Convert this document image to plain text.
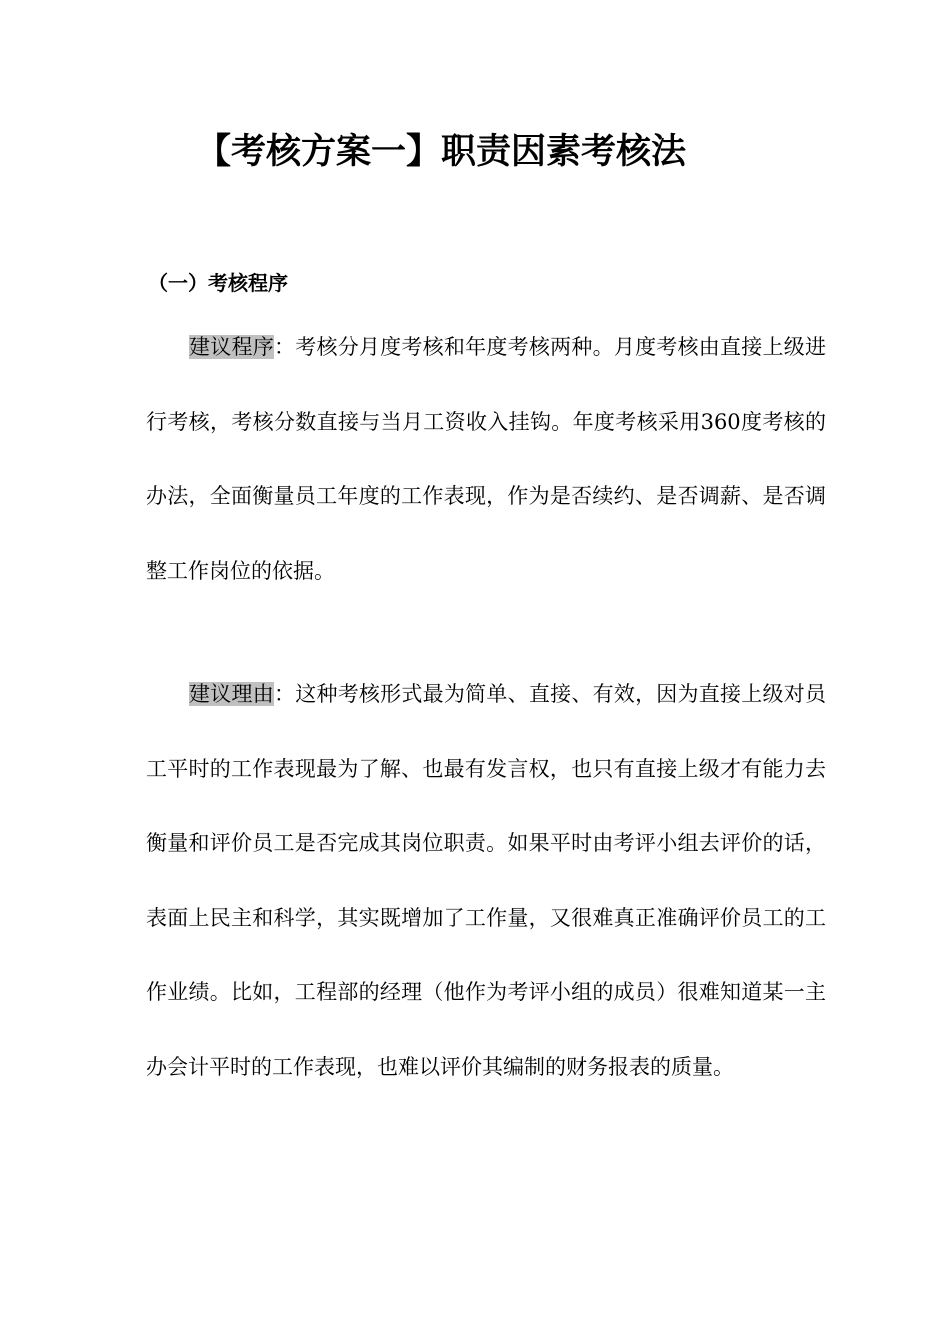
【考核方案一】职责因素考核法
（一）考核程序

建议程序：考核分月度考核和年度考核两种。月度考核由直接上级进行考核，考核分数直接与当月工资收入挂钩。年度考核采用360度考核的办法，全面衡量员工年度的工作表现，作为是否续约、是否调薪、是否调整工作岗位的依据。

建议理由：这种考核形式最为简单、直接、有效，因为直接上级对员工平时的工作表现最为了解、也最有发言权，也只有直接上级才有能力去衡量和评价员工是否完成其岗位职责。如果平时由考评小组去评价的话，表面上民主和科学，其实既增加了工作量，又很难真正准确评价员工的工作业绩。比如，工程部的经理（他作为考评小组的成员）很难知道某一主办会计平时的工作表现，也难以评价其编制的财务报表的质量。
